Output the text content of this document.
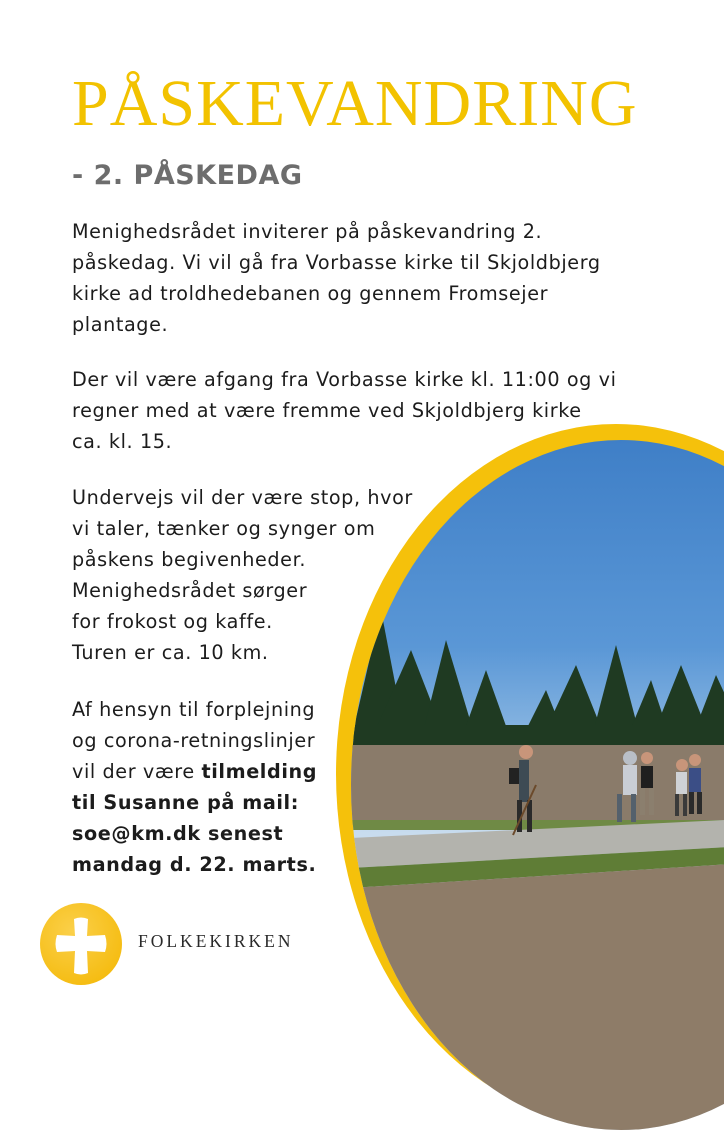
PÅSKEVANDRING
- 2. PÅSKEDAG

Menighedsrådet inviterer på påskevandring 2.
påskedag. Vi vil gå fra Vorbasse kirke til Skjoldbjerg
kirke ad troldhedebanen og gennem Fromsejer
plantage.

Der vil være afgang fra Vorbasse kirke kl. 11:00 og vi
regner med at være fremme ved Skjoldbjerg kirke
ca. kl. 15.

Undervejs vil der være stop, hvor
vi taler, tænker og synger om
påskens begivenheder.
Menighedsrådet sørger
for frokost og kaffe.
Turen er ca. 10 km.

Af hensyn til forplejning
og corona-retningslinjer
vil der være tilmelding
til Susanne på mail:
soe@km.dk senest
mandag d. 22. marts.

FOLKEKIRKEN
